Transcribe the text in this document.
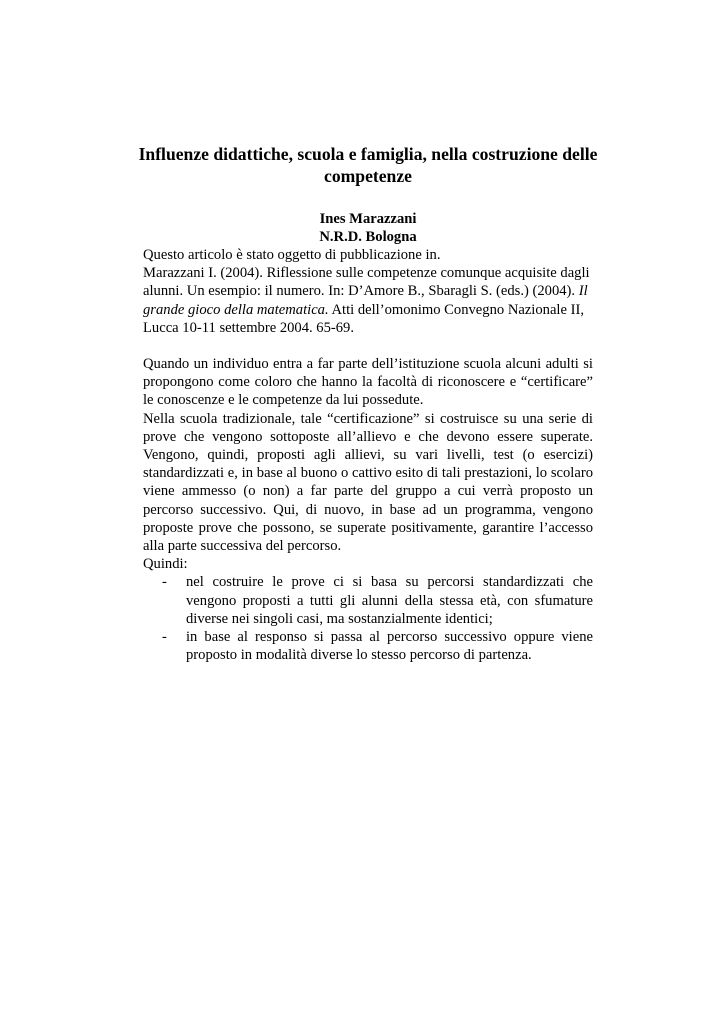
Influenze didattiche, scuola e famiglia, nella costruzione delle competenze
Ines Marazzani
N.R.D. Bologna

Questo articolo è stato oggetto di pubblicazione in.

Marazzani I. (2004). Riflessione sulle competenze comunque acquisite dagli alunni. Un esempio: il numero. In: D’Amore B., Sbaragli S. (eds.) (2004). Il grande gioco della matematica. Atti dell’omonimo Convegno Nazionale II, Lucca 10-11 settembre 2004. 65-69.

Quando un individuo entra a far parte dell’istituzione scuola alcuni adulti si propongono come coloro che hanno la facoltà di riconoscere e “certificare” le conoscenze e le competenze da lui possedute.

Nella scuola tradizionale, tale “certificazione” si costruisce su una serie di prove che vengono sottoposte all’allievo e che devono essere superate. Vengono, quindi, proposti agli allievi, su vari livelli, test (o esercizi) standardizzati e, in base al buono o cattivo esito di tali prestazioni, lo scolaro viene ammesso (o non) a far parte del gruppo a cui verrà proposto un percorso successivo. Qui, di nuovo, in base ad un programma, vengono proposte prove che possono, se superate positivamente, garantire l’accesso alla parte successiva del percorso.

Quindi:

- nel costruire le prove ci si basa su percorsi standardizzati che vengono proposti a tutti gli alunni della stessa età, con sfumature diverse nei singoli casi, ma sostanzialmente identici;
- in base al responso si passa al percorso successivo oppure viene proposto in modalità diverse lo stesso percorso di partenza.
